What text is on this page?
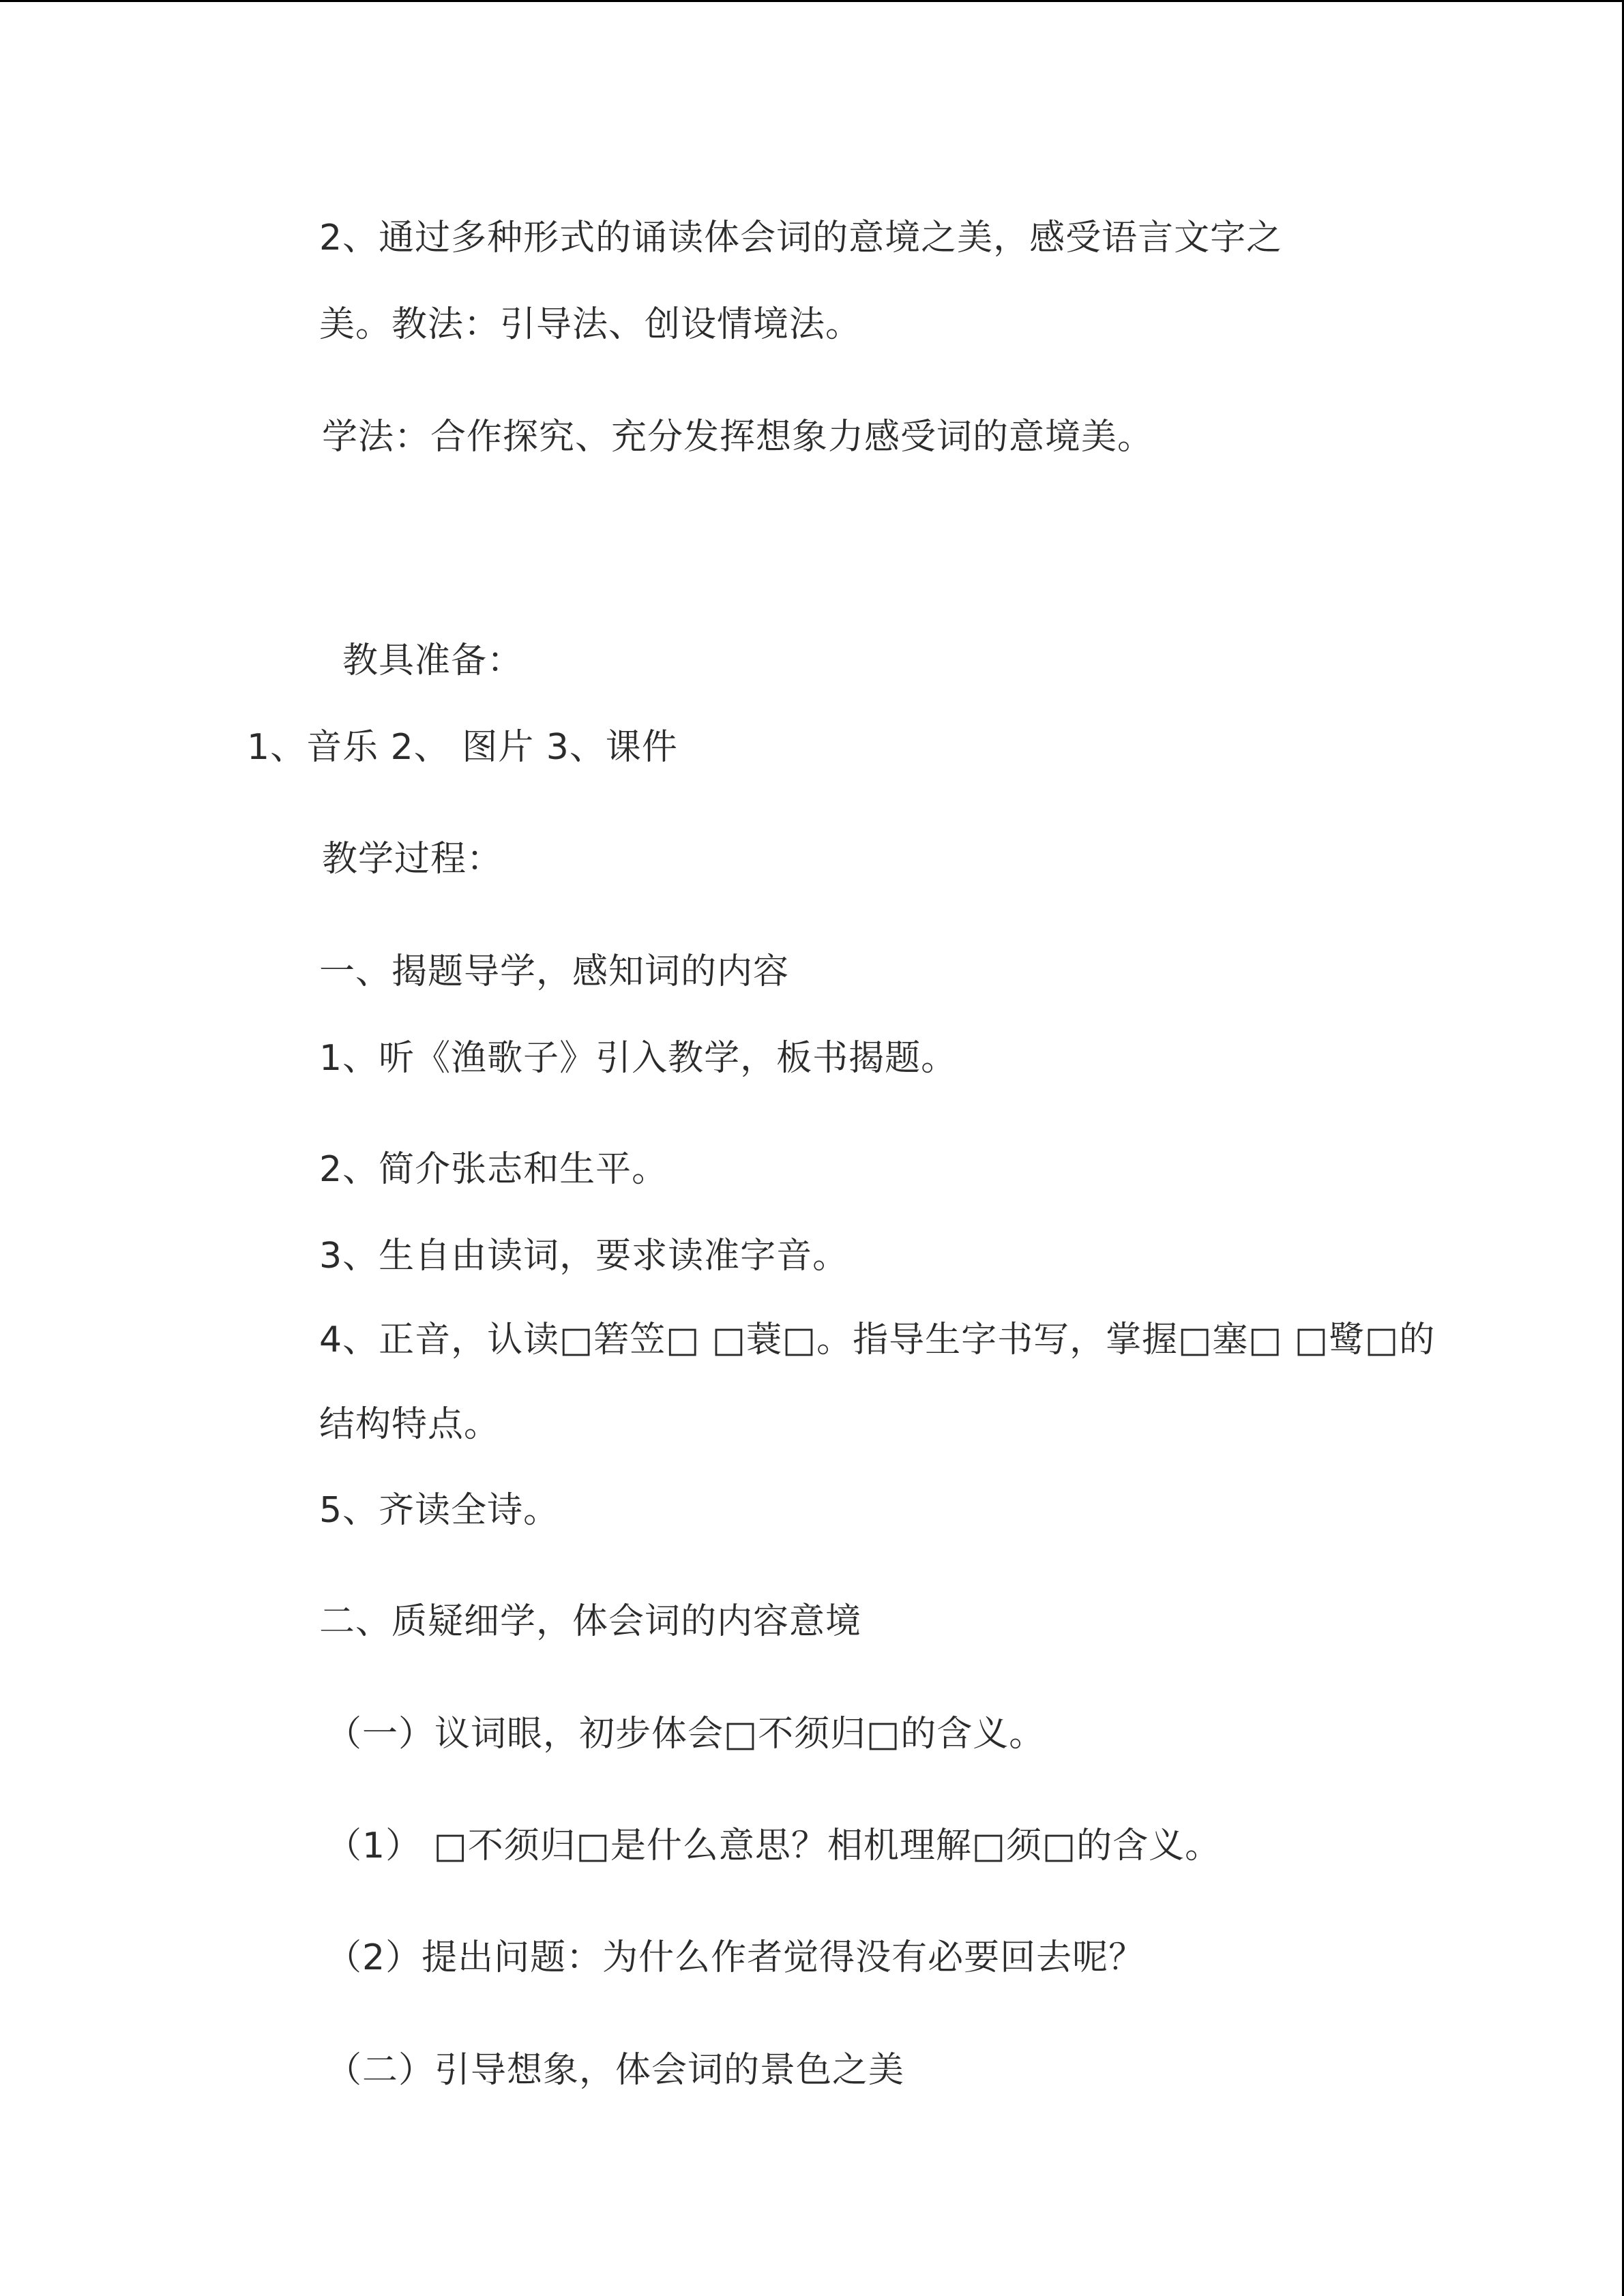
2、通过多种形式的诵读体会词的意境之美，感受语言文字之
美。教法：引导法、创设情境法。
学法：合作探究、充分发挥想象力感受词的意境美。
教具准备：
1、音乐 2、 图片 3、课件
教学过程：
一、揭题导学，感知词的内容
1、听《渔歌子》引入教学，板书揭题。
2、简介张志和生平。
3、生自由读词，要求读准字音。
4、正音，认读□箬笠□ □蓑□。指导生字书写，掌握□塞□ □鹭□的
结构特点。
5、齐读全诗。
二、质疑细学，体会词的内容意境
（一）议词眼，初步体会□不须归□的含义。
（1） □不须归□是什么意思？相机理解□须□的含义。
（2）提出问题：为什么作者觉得没有必要回去呢？
（二）引导想象，体会词的景色之美
